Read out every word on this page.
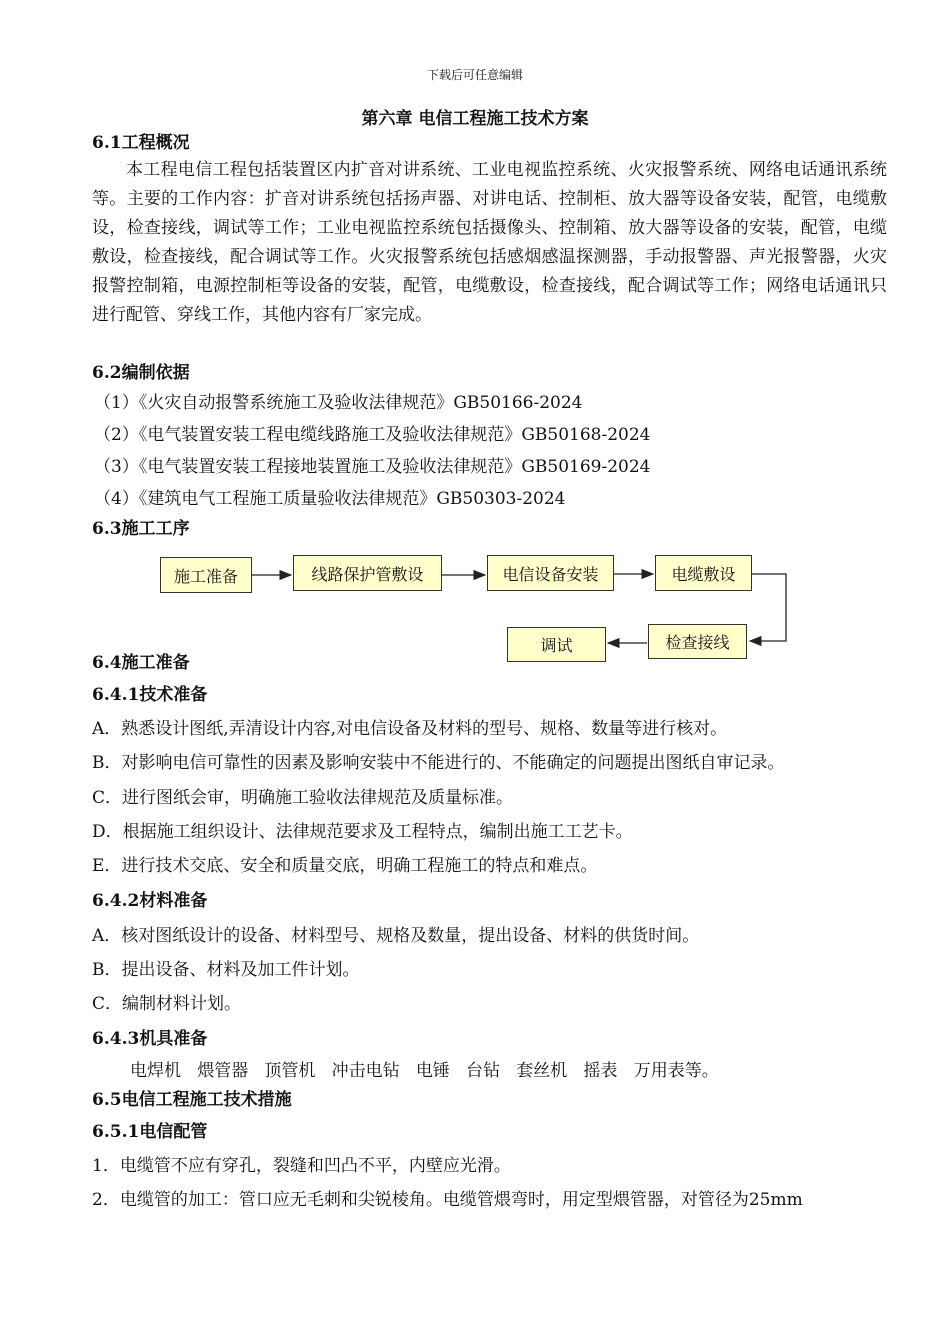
下载后可任意编辑
第六章 电信工程施工技术方案
6.1工程概况
本工程电信工程包括装置区内扩音对讲系统、工业电视监控系统、火灾报警系统、网络电话通讯系统等。主要的工作内容：扩音对讲系统包括扬声器、对讲电话、控制柜、放大器等设备安装，配管，电缆敷设，检查接线，调试等工作；工业电视监控系统包括摄像头、控制箱、放大器等设备的安装，配管，电缆敷设，检查接线，配合调试等工作。火灾报警系统包括感烟感温探测器，手动报警器、声光报警器，火灾报警控制箱，电源控制柜等设备的安装，配管，电缆敷设，检查接线，配合调试等工作；网络电话通讯只进行配管、穿线工作，其他内容有厂家完成。
6.2编制依据
（1）《火灾自动报警系统施工及验收法律规范》GB50166-2024
（2）《电气装置安装工程电缆线路施工及验收法律规范》GB50168-2024
（3）《电气装置安装工程接地装置施工及验收法律规范》GB50169-2024
（4）《建筑电气工程施工质量验收法律规范》GB50303-2024
6.3施工工序
施工准备	线路保护管敷设	电信设备安装	电缆敷设
检查接线
调试
6.4施工准备
6.4.1技术准备
A．熟悉设计图纸,弄清设计内容,对电信设备及材料的型号、规格、数量等进行核对。
B．对影响电信可靠性的因素及影响安装中不能进行的、不能确定的问题提出图纸自审记录。
C．进行图纸会审，明确施工验收法律规范及质量标准。
D．根据施工组织设计、法律规范要求及工程特点，编制出施工工艺卡。
E．进行技术交底、安全和质量交底，明确工程施工的特点和难点。
6.4.2材料准备
A．核对图纸设计的设备、材料型号、规格及数量，提出设备、材料的供货时间。
B．提出设备、材料及加工件计划。
C．编制材料计划。
6.4.3机具准备
电焊机   煨管器   顶管机   冲击电钻   电锤   台钻   套丝机   摇表   万用表等。
6.5电信工程施工技术措施
6.5.1电信配管
1．电缆管不应有穿孔，裂缝和凹凸不平，内壁应光滑。
2．电缆管的加工：管口应无毛刺和尖锐棱角。电缆管煨弯时，用定型煨管器，对管径为25mm
